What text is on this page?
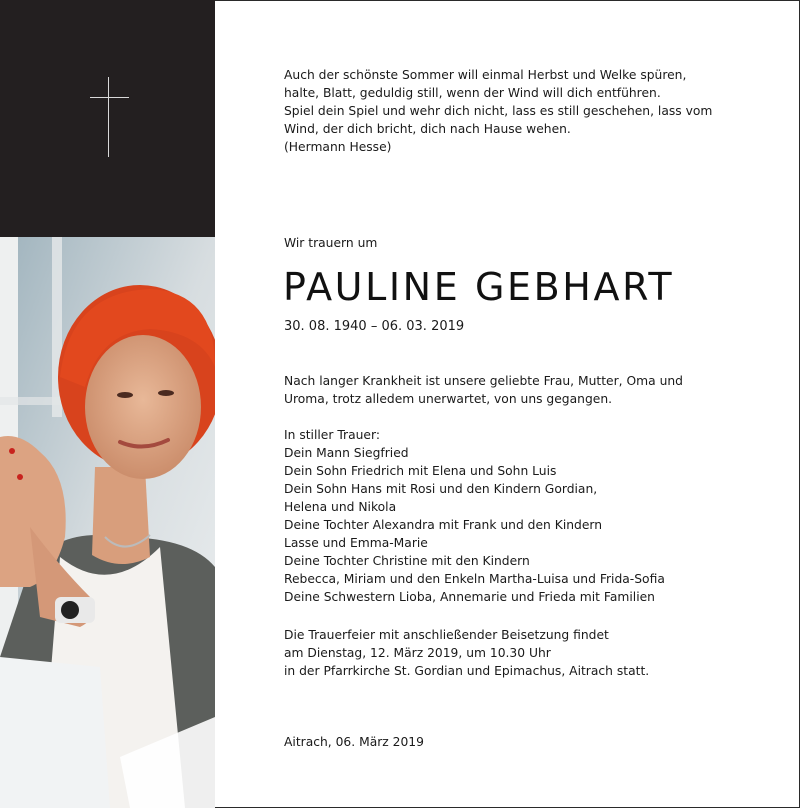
Auch der schönste Sommer will einmal Herbst und Welke spüren,
halte, Blatt, geduldig still, wenn der Wind will dich entführen.
Spiel dein Spiel und wehr dich nicht, lass es still geschehen, lass vom
Wind, der dich bricht, dich nach Hause wehen.
(Hermann Hesse)
Wir trauern um
PAULINE GEBHART
30. 08. 1940 – 06. 03. 2019
Nach langer Krankheit ist unsere geliebte Frau, Mutter, Oma und
Uroma, trotz alledem unerwartet, von uns gegangen.
In stiller Trauer:
Dein Mann Siegfried
Dein Sohn Friedrich mit Elena und Sohn Luis
Dein Sohn Hans mit Rosi und den Kindern Gordian,
Helena und Nikola
Deine Tochter Alexandra mit Frank und den Kindern
Lasse und Emma-Marie
Deine Tochter Christine mit den Kindern
Rebecca, Miriam und den Enkeln Martha-Luisa und Frida-Sofia
Deine Schwestern Lioba, Annemarie und Frieda mit Familien
Die Trauerfeier mit anschließender Beisetzung findet
am Dienstag, 12. März 2019, um 10.30 Uhr
in der Pfarrkirche St. Gordian und Epimachus, Aitrach statt.
Aitrach, 06. März 2019
